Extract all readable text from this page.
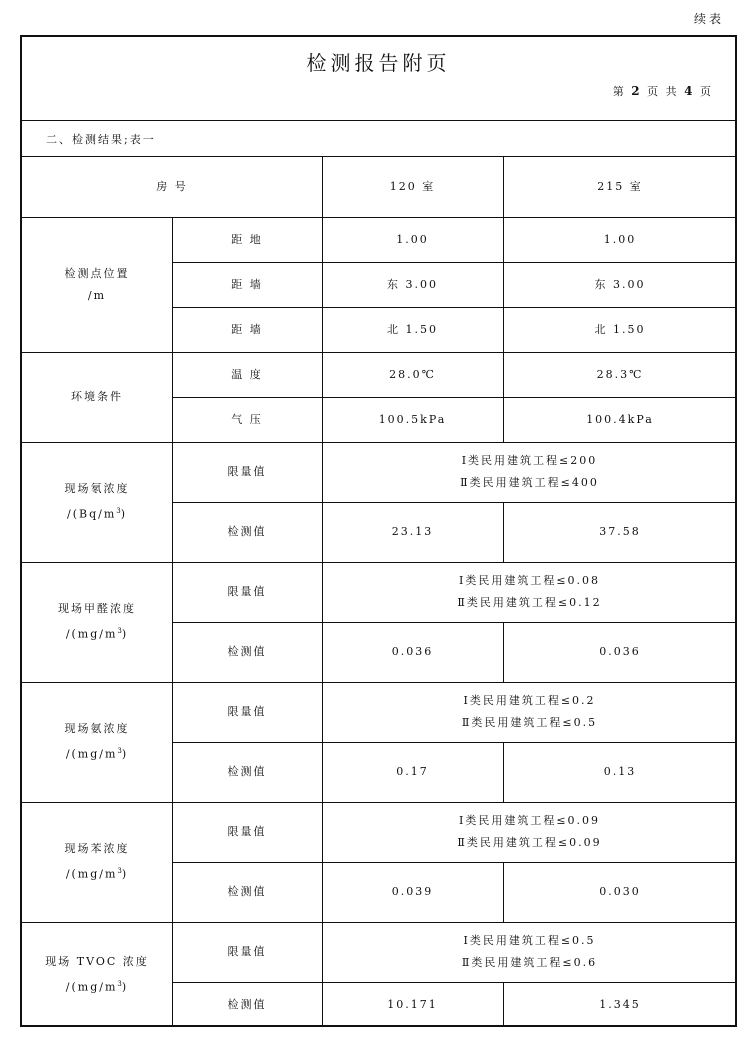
续表
检测报告附页
第 2 页 共 4 页
二、检测结果;表一
房 号	120 室	215 室
检测点位置
/m
距 地	1.00	1.00
距 墙	东 3.00	东 3.00
距 墙	北 1.50	北 1.50
环境条件
温 度	28.0℃	28.3℃
气 压	100.5kPa	100.4kPa
现场氡浓度
$/(Bq/m^3)$
限量值
Ⅰ类民用建筑工程≤200
Ⅱ类民用建筑工程≤400
检测值	23.13	37.58
现场甲醛浓度
$/(mg/m^3)$
限量值
Ⅰ类民用建筑工程≤0.08
Ⅱ类民用建筑工程≤0.12
检测值	0.036	0.036
现场氨浓度
$/(mg/m^3)$
限量值
Ⅰ类民用建筑工程≤0.2
Ⅱ类民用建筑工程≤0.5
检测值	0.17	0.13
现场苯浓度
$/(mg/m^3)$
限量值
Ⅰ类民用建筑工程≤0.09
Ⅱ类民用建筑工程≤0.09
检测值	0.039	0.030
现场 TVOC 浓度
$/(mg/m^3)$
限量值
Ⅰ类民用建筑工程≤0.5
Ⅱ类民用建筑工程≤0.6
检测值	10.171	1.345
